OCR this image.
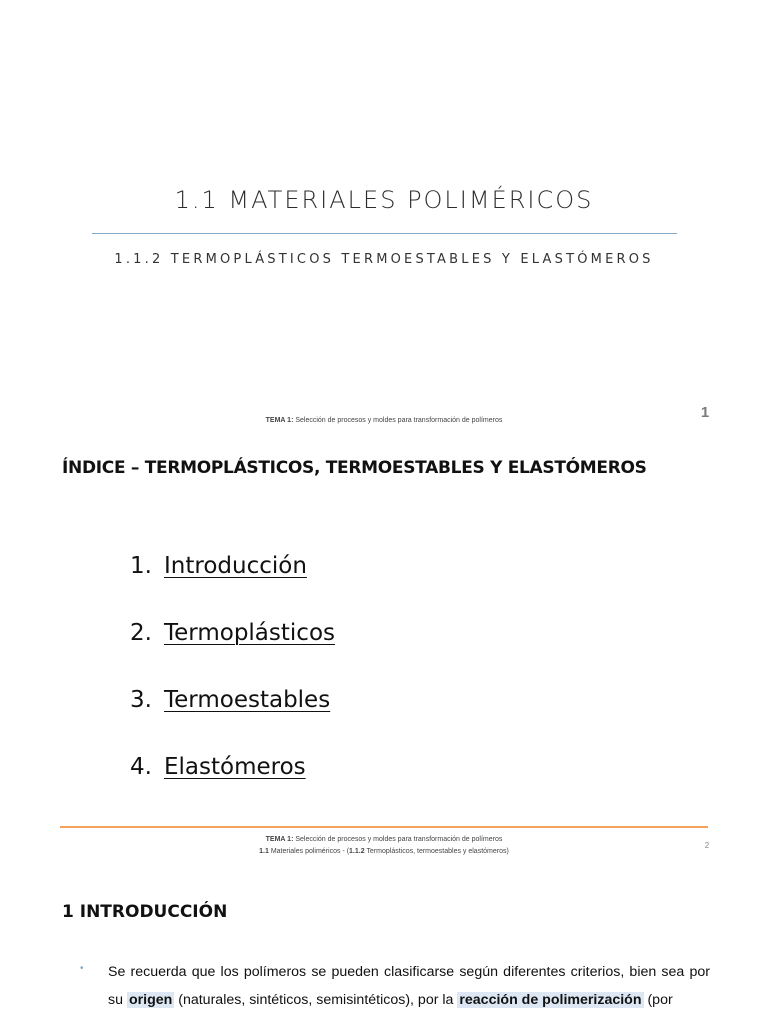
1.1 MATERIALES POLIMÉRICOS
1.1.2 TERMOPLÁSTICOS TERMOESTABLES Y ELASTÓMEROS
TEMA 1: Selección de procesos y moldes para transformación de polímeros	1
ÍNDICE – TERMOPLÁSTICOS, TERMOESTABLES Y ELASTÓMEROS
1. Introducción
2. Termoplásticos
3. Termoestables
4. Elastómeros
TEMA 1: Selección de procesos y moldes para transformación de polímeros
1.1 Materiales poliméricos - (1.1.2 Termoplásticos, termoestables y elastómeros)
2
1 INTRODUCCIÓN
• Se recuerda que los polímeros se pueden clasificarse según diferentes criterios, bien sea por su origen (naturales, sintéticos, semisintéticos), por la reacción de polimerización (por
